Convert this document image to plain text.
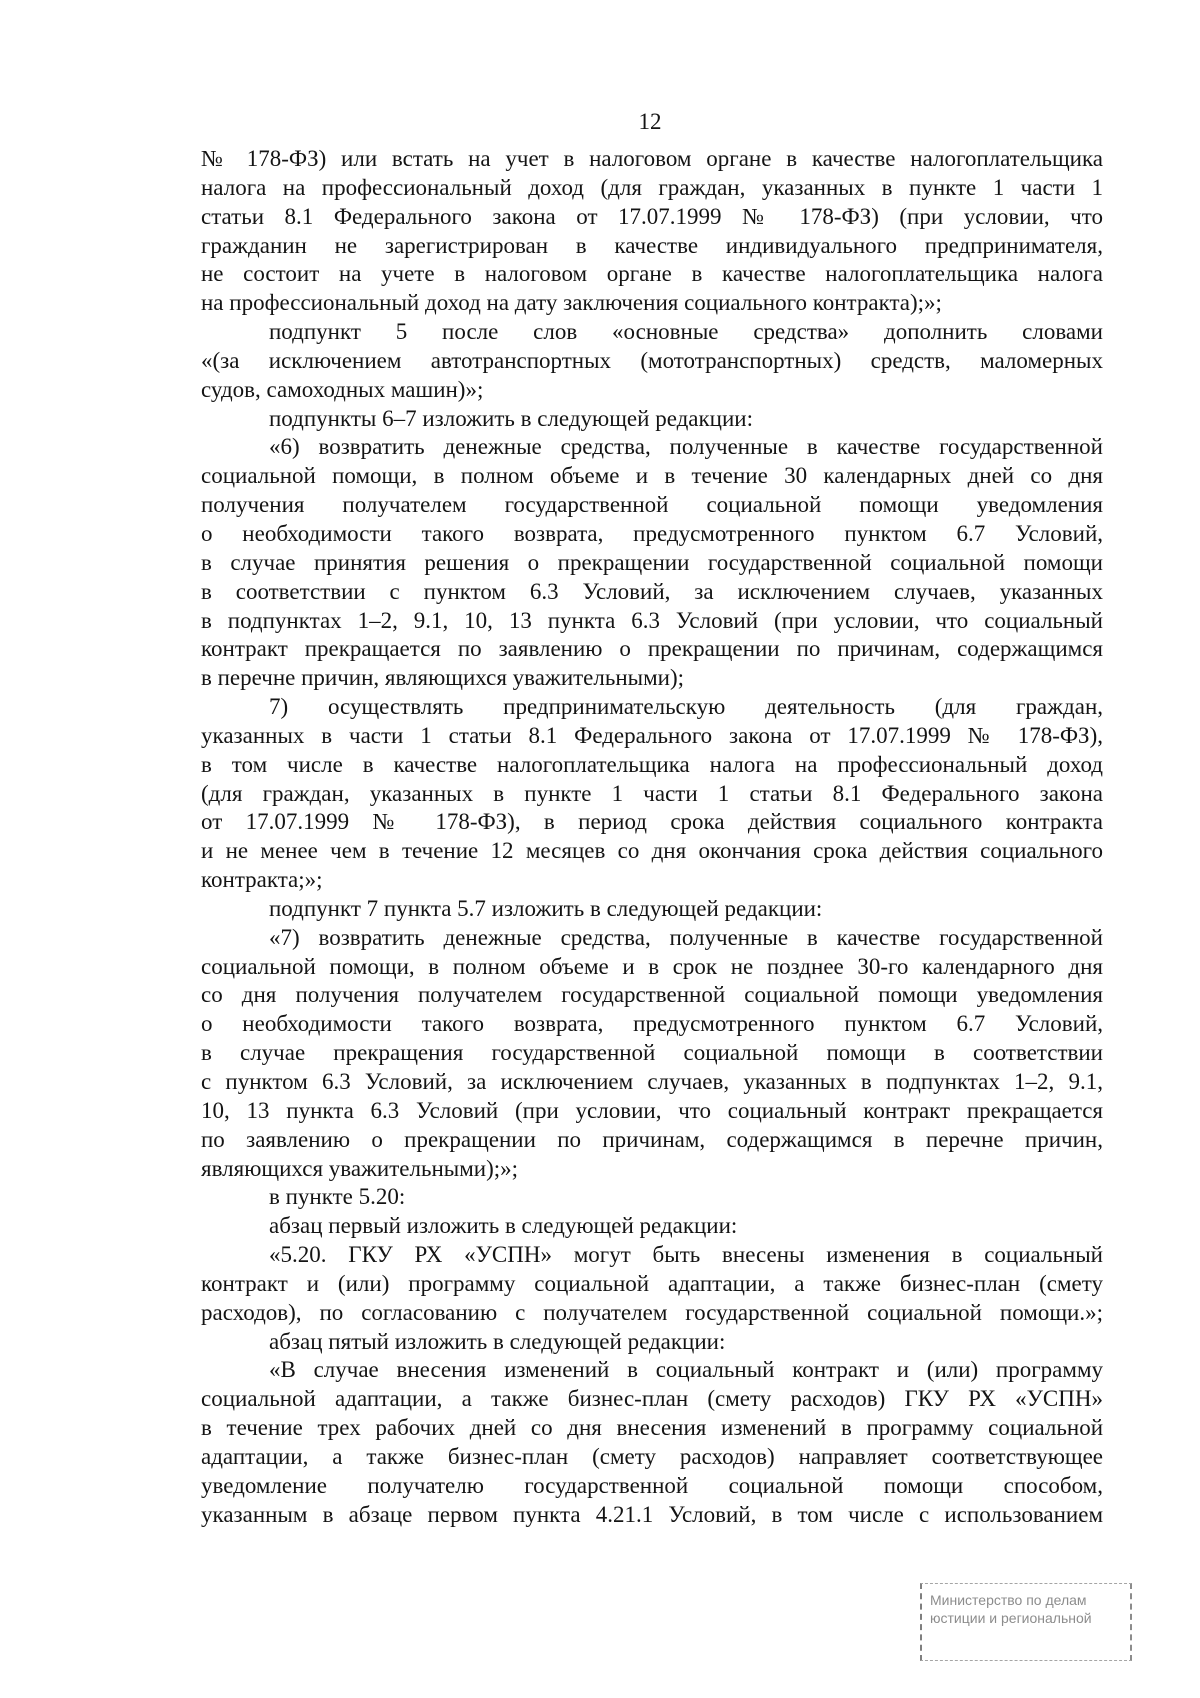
12
№ 178-ФЗ) или встать на учет в налоговом органе в качестве налогоплательщика
налога на профессиональный доход (для граждан, указанных в пункте 1 части 1
статьи 8.1 Федерального закона от 17.07.1999 № 178-ФЗ) (при условии, что
гражданин не зарегистрирован в качестве индивидуального предпринимателя,
не состоит на учете в налоговом органе в качестве налогоплательщика налога
на профессиональный доход на дату заключения социального контракта);»;
подпункт 5 после слов «основные средства» дополнить словами
«(за исключением автотранспортных (мототранспортных) средств, маломерных
судов, самоходных машин)»;
подпункты 6–7 изложить в следующей редакции:
«6) возвратить денежные средства, полученные в качестве государственной
социальной помощи, в полном объеме и в течение 30 календарных дней со дня
получения получателем государственной социальной помощи уведомления
о необходимости такого возврата, предусмотренного пунктом 6.7 Условий,
в случае принятия решения о прекращении государственной социальной помощи
в соответствии с пунктом 6.3 Условий, за исключением случаев, указанных
в подпунктах 1–2, 9.1, 10, 13 пункта 6.3 Условий (при условии, что социальный
контракт прекращается по заявлению о прекращении по причинам, содержащимся
в перечне причин, являющихся уважительными);
7) осуществлять предпринимательскую деятельность (для граждан,
указанных в части 1 статьи 8.1 Федерального закона от 17.07.1999 № 178-ФЗ),
в том числе в качестве налогоплательщика налога на профессиональный доход
(для граждан, указанных в пункте 1 части 1 статьи 8.1 Федерального закона
от 17.07.1999 № 178-ФЗ), в период срока действия социального контракта
и не менее чем в течение 12 месяцев со дня окончания срока действия социального
контракта;»;
подпункт 7 пункта 5.7 изложить в следующей редакции:
«7) возвратить денежные средства, полученные в качестве государственной
социальной помощи, в полном объеме и в срок не позднее 30-го календарного дня
со дня получения получателем государственной социальной помощи уведомления
о необходимости такого возврата, предусмотренного пунктом 6.7 Условий,
в случае прекращения государственной социальной помощи в соответствии
с пунктом 6.3 Условий, за исключением случаев, указанных в подпунктах 1–2, 9.1,
10, 13 пункта 6.3 Условий (при условии, что социальный контракт прекращается
по заявлению о прекращении по причинам, содержащимся в перечне причин,
являющихся уважительными);»;
в пункте 5.20:
абзац первый изложить в следующей редакции:
«5.20. ГКУ РХ «УСПН» могут быть внесены изменения в социальный
контракт и (или) программу социальной адаптации, а также бизнес-план (смету
расходов), по согласованию с получателем государственной социальной помощи.»;
абзац пятый изложить в следующей редакции:
«В случае внесения изменений в социальный контракт и (или) программу
социальной адаптации, а также бизнес-план (смету расходов) ГКУ РХ «УСПН»
в течение трех рабочих дней со дня внесения изменений в программу социальной
адаптации, а также бизнес-план (смету расходов) направляет соответствующее
уведомление получателю государственной социальной помощи способом,
указанным в абзаце первом пункта 4.21.1 Условий, в том числе с использованием
Министерство по делам
юстиции и региональной
